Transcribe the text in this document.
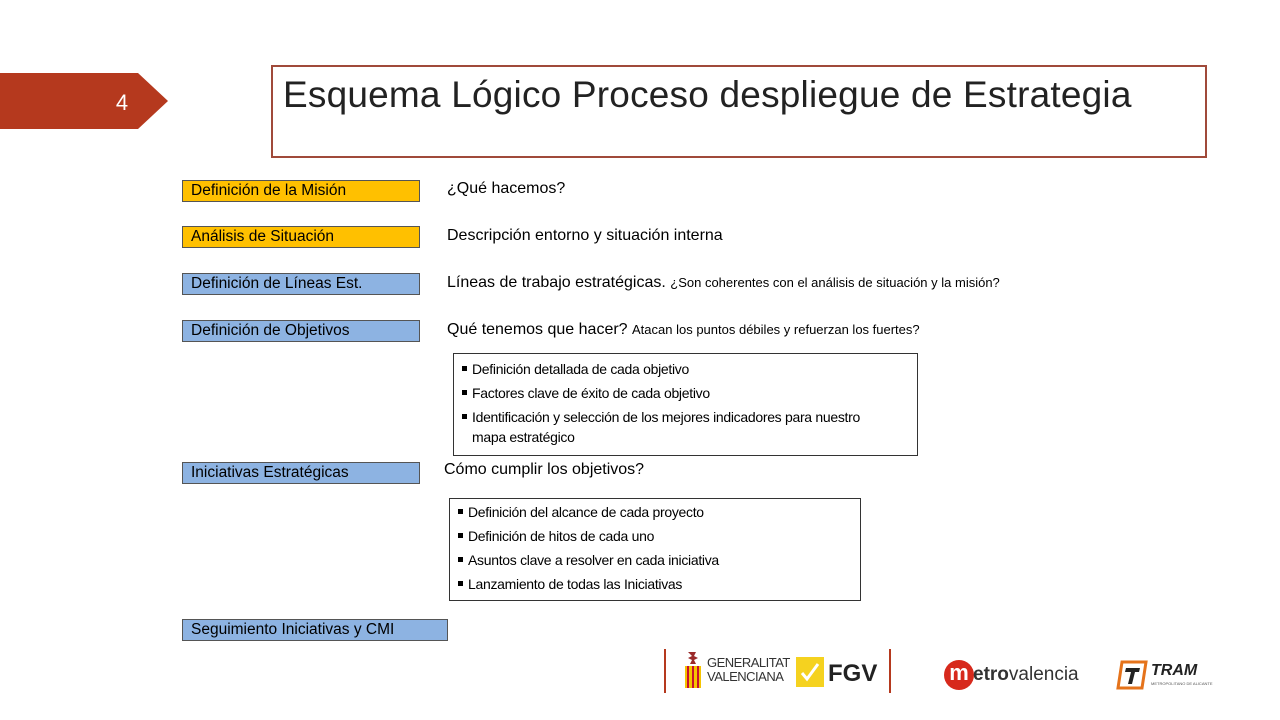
4	Esquema Lógico Proceso despliegue de Estrategia
Definición de la Misión	¿Qué hacemos?
Análisis de Situación	Descripción entorno y situación interna
Definición de Líneas Est.	Líneas de trabajo estratégicas. ¿Son coherentes con el análisis de situación y la misión?
Definición de Objetivos	Qué tenemos que hacer? Atacan los puntos débiles y refuerzan los fuertes?
Definición detallada de cada objetivo
Factores clave de éxito de cada objetivo
Identificación y selección de los mejores indicadores para nuestro mapa estratégico
Iniciativas Estratégicas	Cómo cumplir los objetivos?
Definición del alcance de cada proyecto
Definición de hitos de cada uno
Asuntos clave a resolver en cada iniciativa
Lanzamiento de todas las Iniciativas
Seguimiento Iniciativas y CMI
GENERALITAT
VALENCIANA FGV	m etrovalencia	TRAM
METROPOLITANO DE ALICANTE
